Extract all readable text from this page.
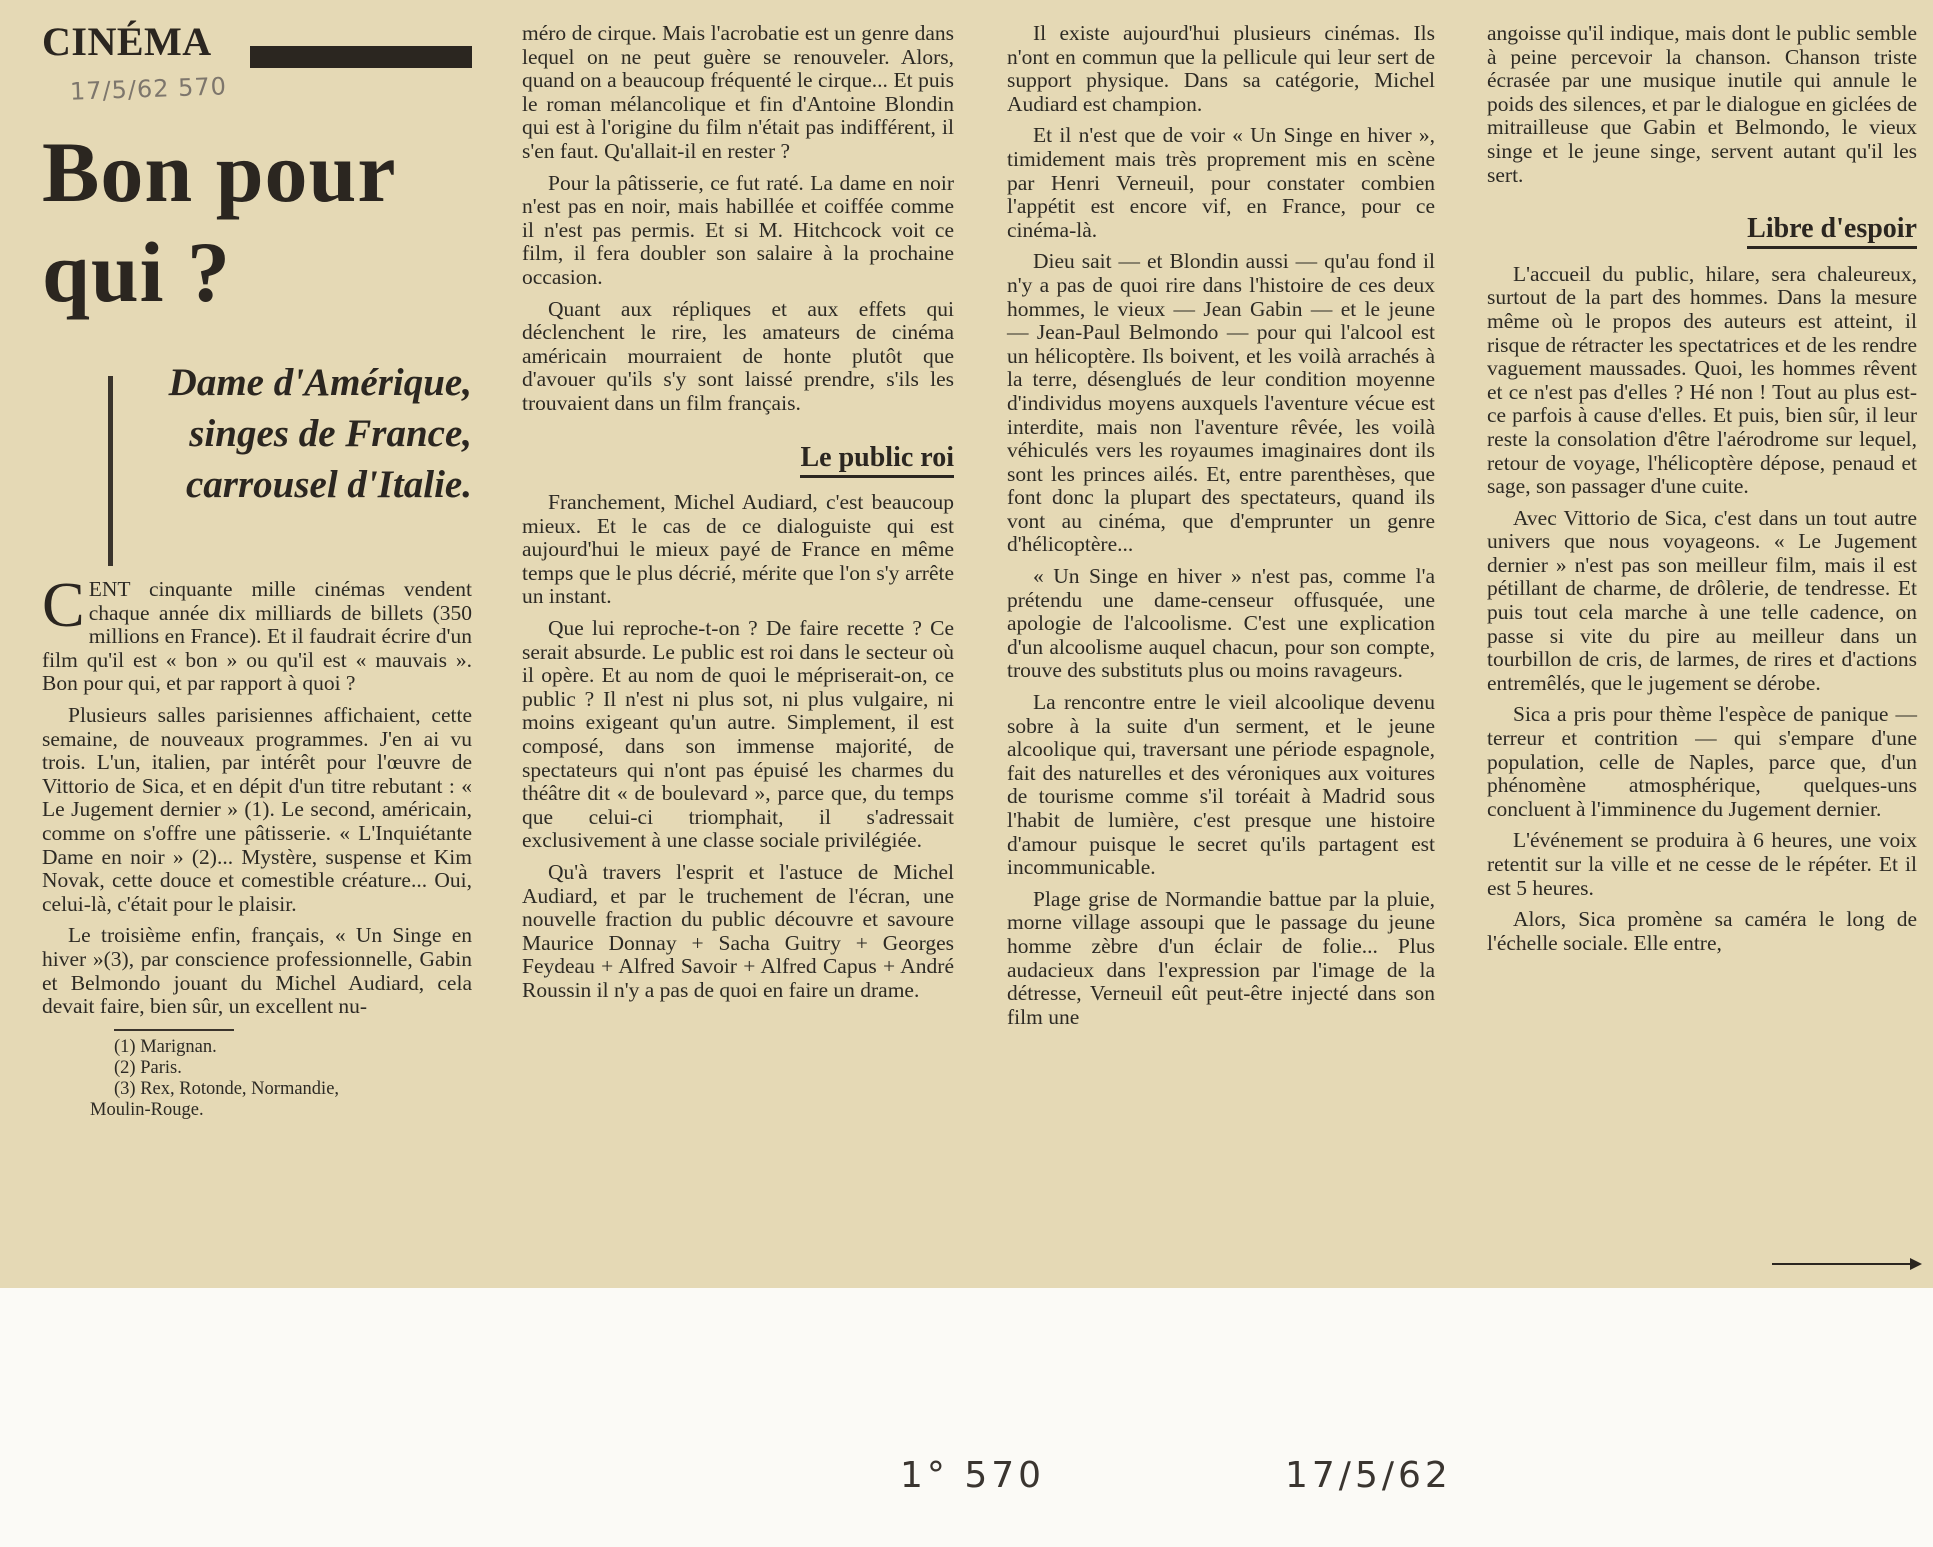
CINÉMA
17/5/62 570
Bon pour
qui ?

Dame d'Amérique, singes de France, carrousel d'Italie.

CENT cinquante mille cinémas vendent chaque année dix milliards de billets (350 millions en France). Et il faudrait écrire d'un film qu'il est « bon » ou qu'il est « mauvais ». Bon pour qui, et par rapport à quoi ?

Plusieurs salles parisiennes affichaient, cette semaine, de nouveaux programmes. J'en ai vu trois. L'un, italien, par intérêt pour l'œuvre de Vittorio de Sica, et en dépit d'un titre rebutant : « Le Jugement dernier » (1). Le second, américain, comme on s'offre une pâtisserie. « L'Inquiétante Dame en noir » (2)... Mystère, suspense et Kim Novak, cette douce et comestible créature... Oui, celui-là, c'était pour le plaisir.

Le troisième enfin, français, « Un Singe en hiver »(3), par conscience professionnelle, Gabin et Belmondo jouant du Michel Audiard, cela devait faire, bien sûr, un excellent nu-

(1) Marignan.
(2) Paris.
(3) Rex, Rotonde, Normandie,
Moulin-Rouge.

méro de cirque. Mais l'acrobatie est un genre dans lequel on ne peut guère se renouveler. Alors, quand on a beaucoup fréquenté le cirque... Et puis le roman mélancolique et fin d'Antoine Blondin qui est à l'origine du film n'était pas indifférent, il s'en faut. Qu'allait-il en rester ?

Pour la pâtisserie, ce fut raté. La dame en noir n'est pas en noir, mais habillée et coiffée comme il n'est pas permis. Et si M. Hitchcock voit ce film, il fera doubler son salaire à la prochaine occasion.

Quant aux répliques et aux effets qui déclenchent le rire, les amateurs de cinéma américain mourraient de honte plutôt que d'avouer qu'ils s'y sont laissé prendre, s'ils les trouvaient dans un film français.

Le public roi

Franchement, Michel Audiard, c'est beaucoup mieux. Et le cas de ce dialoguiste qui est aujourd'hui le mieux payé de France en même temps que le plus décrié, mérite que l'on s'y arrête un instant.

Que lui reproche-t-on ? De faire recette ? Ce serait absurde. Le public est roi dans le secteur où il opère. Et au nom de quoi le mépriserait-on, ce public ? Il n'est ni plus sot, ni plus vulgaire, ni moins exigeant qu'un autre. Simplement, il est composé, dans son immense majorité, de spectateurs qui n'ont pas épuisé les charmes du théâtre dit « de boulevard », parce que, du temps que celui-ci triomphait, il s'adressait exclusivement à une classe sociale privilégiée.

Qu'à travers l'esprit et l'astuce de Michel Audiard, et par le truchement de l'écran, une nouvelle fraction du public découvre et savoure Maurice Donnay + Sacha Guitry + Georges Feydeau + Alfred Savoir + Alfred Capus + André Roussin il n'y a pas de quoi en faire un drame.

Il existe aujourd'hui plusieurs cinémas. Ils n'ont en commun que la pellicule qui leur sert de support physique. Dans sa catégorie, Michel Audiard est champion.

Et il n'est que de voir « Un Singe en hiver », timidement mais très proprement mis en scène par Henri Verneuil, pour constater combien l'appétit est encore vif, en France, pour ce cinéma-là.

Dieu sait — et Blondin aussi — qu'au fond il n'y a pas de quoi rire dans l'histoire de ces deux hommes, le vieux — Jean Gabin — et le jeune — Jean-Paul Belmondo — pour qui l'alcool est un hélicoptère. Ils boivent, et les voilà arrachés à la terre, désenglués de leur condition moyenne d'individus moyens auxquels l'aventure vécue est interdite, mais non l'aventure rêvée, les voilà véhiculés vers les royaumes imaginaires dont ils sont les princes ailés. Et, entre parenthèses, que font donc la plupart des spectateurs, quand ils vont au cinéma, que d'emprunter un genre d'hélicoptère...

« Un Singe en hiver » n'est pas, comme l'a prétendu une dame-censeur offusquée, une apologie de l'alcoolisme. C'est une explication d'un alcoolisme auquel chacun, pour son compte, trouve des substituts plus ou moins ravageurs.

La rencontre entre le vieil alcoolique devenu sobre à la suite d'un serment, et le jeune alcoolique qui, traversant une période espagnole, fait des naturelles et des véroniques aux voitures de tourisme comme s'il toréait à Madrid sous l'habit de lumière, c'est presque une histoire d'amour puisque le secret qu'ils partagent est incommunicable.

Plage grise de Normandie battue par la pluie, morne village assoupi que le passage du jeune homme zèbre d'un éclair de folie... Plus audacieux dans l'expression par l'image de la détresse, Verneuil eût peut-être injecté dans son film une

angoisse qu'il indique, mais dont le public semble à peine percevoir la chanson. Chanson triste écrasée par une musique inutile qui annule le poids des silences, et par le dialogue en giclées de mitrailleuse que Gabin et Belmondo, le vieux singe et le jeune singe, servent autant qu'il les sert.

Libre d'espoir

L'accueil du public, hilare, sera chaleureux, surtout de la part des hommes. Dans la mesure même où le propos des auteurs est atteint, il risque de rétracter les spectatrices et de les rendre vaguement maussades. Quoi, les hommes rêvent et ce n'est pas d'elles ? Hé non ! Tout au plus est-ce parfois à cause d'elles. Et puis, bien sûr, il leur reste la consolation d'être l'aérodrome sur lequel, retour de voyage, l'hélicoptère dépose, penaud et sage, son passager d'une cuite.

Avec Vittorio de Sica, c'est dans un tout autre univers que nous voyageons. « Le Jugement dernier » n'est pas son meilleur film, mais il est pétillant de charme, de drôlerie, de tendresse. Et puis tout cela marche à une telle cadence, on passe si vite du pire au meilleur dans un tourbillon de cris, de larmes, de rires et d'actions entremêlés, que le jugement se dérobe.

Sica a pris pour thème l'espèce de panique — terreur et contrition — qui s'empare d'une population, celle de Naples, parce que, d'un phénomène atmosphérique, quelques-uns concluent à l'imminence du Jugement dernier.

L'événement se produira à 6 heures, une voix retentit sur la ville et ne cesse de le répéter. Et il est 5 heures.

Alors, Sica promène sa caméra le long de l'échelle sociale. Elle entre,

1° 570	17/5/62
